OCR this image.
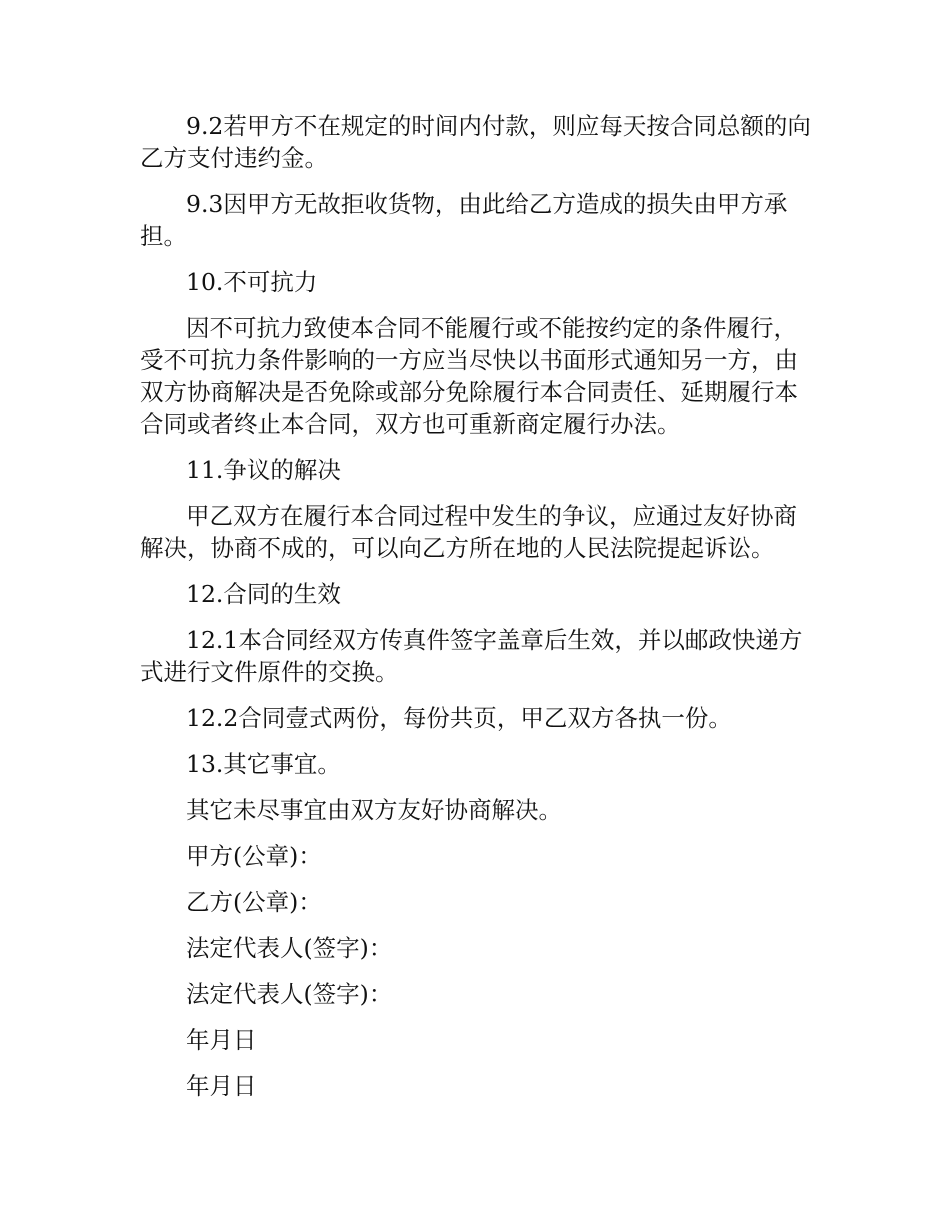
9.2若甲方不在规定的时间内付款，则应每天按合同总额的向乙方支付违约金。

9.3因甲方无故拒收货物，由此给乙方造成的损失由甲方承担。

10.不可抗力

因不可抗力致使本合同不能履行或不能按约定的条件履行，受不可抗力条件影响的一方应当尽快以书面形式通知另一方，由双方协商解决是否免除或部分免除履行本合同责任、延期履行本合同或者终止本合同，双方也可重新商定履行办法。

11.争议的解决

甲乙双方在履行本合同过程中发生的争议，应通过友好协商解决，协商不成的，可以向乙方所在地的人民法院提起诉讼。

12.合同的生效

12.1本合同经双方传真件签字盖章后生效，并以邮政快递方式进行文件原件的交换。

12.2合同壹式两份，每份共页，甲乙双方各执一份。

13.其它事宜。

其它未尽事宜由双方友好协商解决。

甲方(公章)：

乙方(公章)：

法定代表人(签字)：

法定代表人(签字)：

年月日

年月日
